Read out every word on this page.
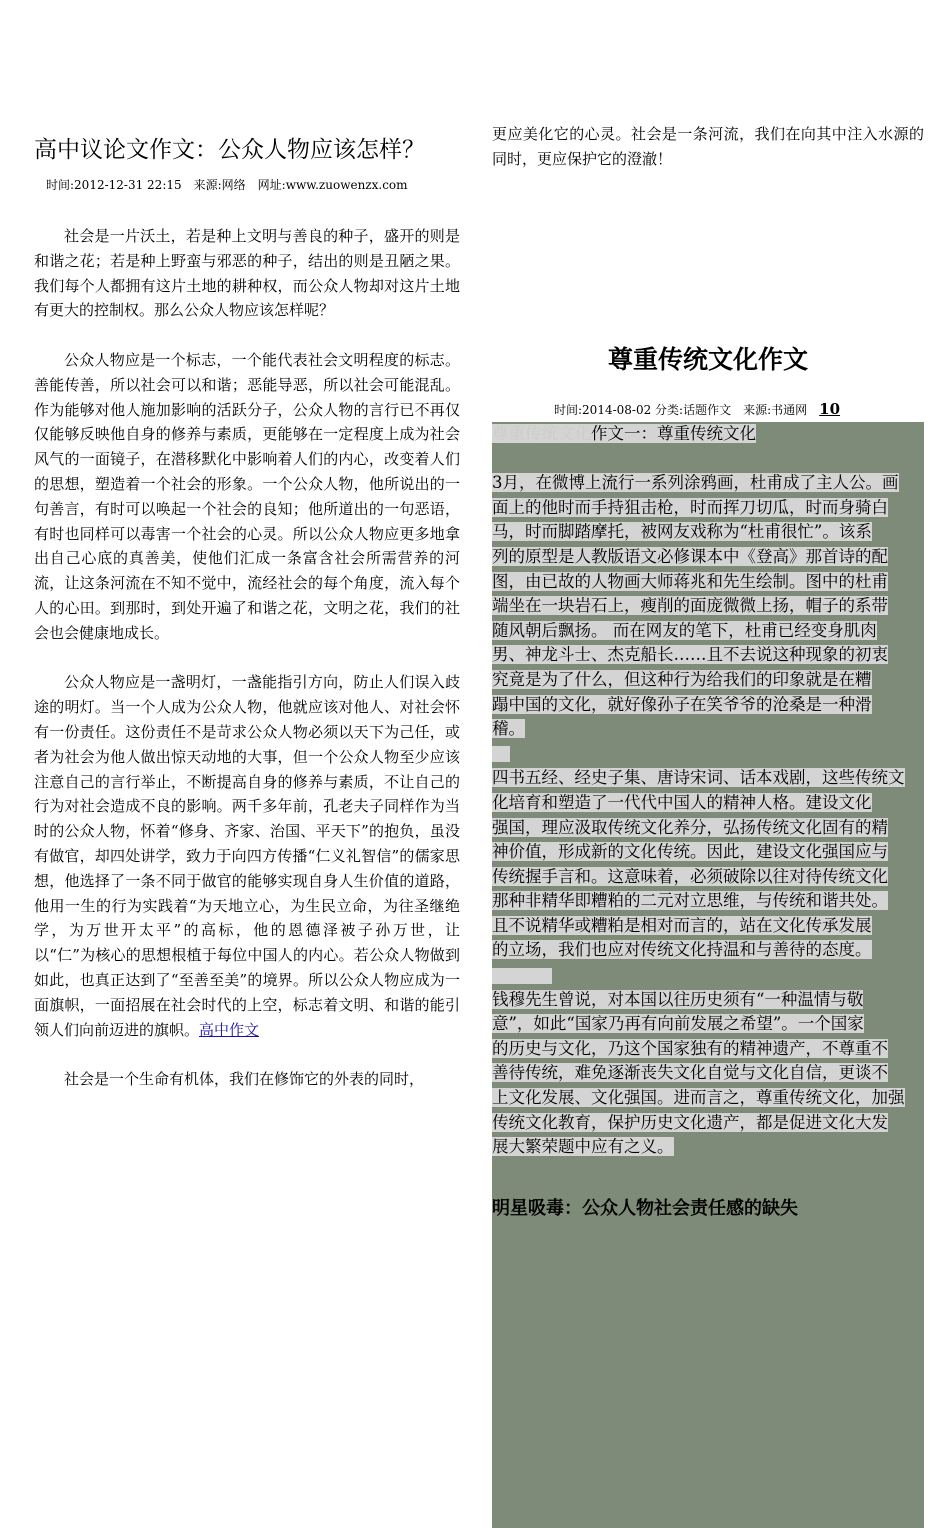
高中议论文作文：公众人物应该怎样？
时间:2012-12-31 22:15　来源:网络　网址:www.zuowenzx.com

社会是一片沃土，若是种上文明与善良的种子，盛开的则是和谐之花；若是种上野蛮与邪恶的种子，结出的则是丑陋之果。我们每个人都拥有这片土地的耕种权，而公众人物却对这片土地有更大的控制权。那么公众人物应该怎样呢？

公众人物应是一个标志，一个能代表社会文明程度的标志。善能传善，所以社会可以和谐；恶能导恶，所以社会可能混乱。作为能够对他人施加影响的活跃分子，公众人物的言行已不再仅仅能够反映他自身的修养与素质，更能够在一定程度上成为社会风气的一面镜子，在潜移默化中影响着人们的内心，改变着人们的思想，塑造着一个社会的形象。一个公众人物，他所说出的一句善言，有时可以唤起一个社会的良知；他所道出的一句恶语，有时也同样可以毒害一个社会的心灵。所以公众人物应更多地拿出自己心底的真善美，使他们汇成一条富含社会所需营养的河流，让这条河流在不知不觉中，流经社会的每个角度，流入每个人的心田。到那时，到处开遍了和谐之花，文明之花，我们的社会也会健康地成长。

公众人物应是一盏明灯，一盏能指引方向，防止人们误入歧途的明灯。当一个人成为公众人物，他就应该对他人、对社会怀有一份责任。这份责任不是苛求公众人物必须以天下为己任，或者为社会为他人做出惊天动地的大事，但一个公众人物至少应该注意自己的言行举止，不断提高自身的修养与素质，不让自己的行为对社会造成不良的影响。两千多年前，孔老夫子同样作为当时的公众人物，怀着“修身、齐家、治国、平天下”的抱负，虽没有做官，却四处讲学，致力于向四方传播“仁义礼智信”的儒家思想，他选择了一条不同于做官的能够实现自身人生价值的道路，他用一生的行为实践着“为天地立心，为生民立命，为往圣继绝学，为万世开太平”的高标，他的恩德泽被子孙万世，让以“仁”为核心的思想根植于每位中国人的内心。若公众人物做到如此，也真正达到了“至善至美”的境界。所以公众人物应成为一面旗帜，一面招展在社会时代的上空，标志着文明、和谐的能引领人们向前迈进的旗帜。高中作文

社会是一个生命有机体，我们在修饰它的外表的同时，

更应美化它的心灵。社会是一条河流，我们在向其中注入水源的同时，更应保护它的澄澈！

尊重传统文化作文
时间:2014-08-02 分类:话题作文　来源:书通网 10
尊重传统文化作文一：尊重传统文化
3月，在微博上流行一系列涂鸦画，杜甫成了主人公。画
面上的他时而手持狙击枪，时而挥刀切瓜，时而身骑白
马，时而脚踏摩托，被网友戏称为“杜甫很忙”。该系
列的原型是人教版语文必修课本中《登高》那首诗的配
图，由已故的人物画大师蒋兆和先生绘制。图中的杜甫
端坐在一块岩石上，瘦削的面庞微微上扬，帽子的系带
随风朝后飘扬。 而在网友的笔下，杜甫已经变身肌肉
男、神龙斗士、杰克船长……且不去说这种现象的初衷
究竟是为了什么，但这种行为给我们的印象就是在糟
蹋中国的文化，就好像孙子在笑爷爷的沧桑是一种滑
稽。
四书五经、经史子集、唐诗宋词、话本戏剧，这些传统文
化培育和塑造了一代代中国人的精神人格。建设文化
强国，理应汲取传统文化养分，弘扬传统文化固有的精
神价值，形成新的文化传统。因此，建设文化强国应与
传统握手言和。这意味着，必须破除以往对待传统文化
那种非精华即糟粕的二元对立思维，与传统和谐共处。
且不说精华或糟粕是相对而言的，站在文化传承发展
的立场，我们也应对传统文化持温和与善待的态度。
钱穆先生曾说，对本国以往历史须有“一种温情与敬
意”，如此“国家乃再有向前发展之希望”。一个国家
的历史与文化，乃这个国家独有的精神遗产，不尊重不
善待传统，难免逐渐丧失文化自觉与文化自信，更谈不
上文化发展、文化强国。进而言之，尊重传统文化，加强
传统文化教育，保护历史文化遗产，都是促进文化大发
展大繁荣题中应有之义。
明星吸毒：公众人物社会责任感的缺失
